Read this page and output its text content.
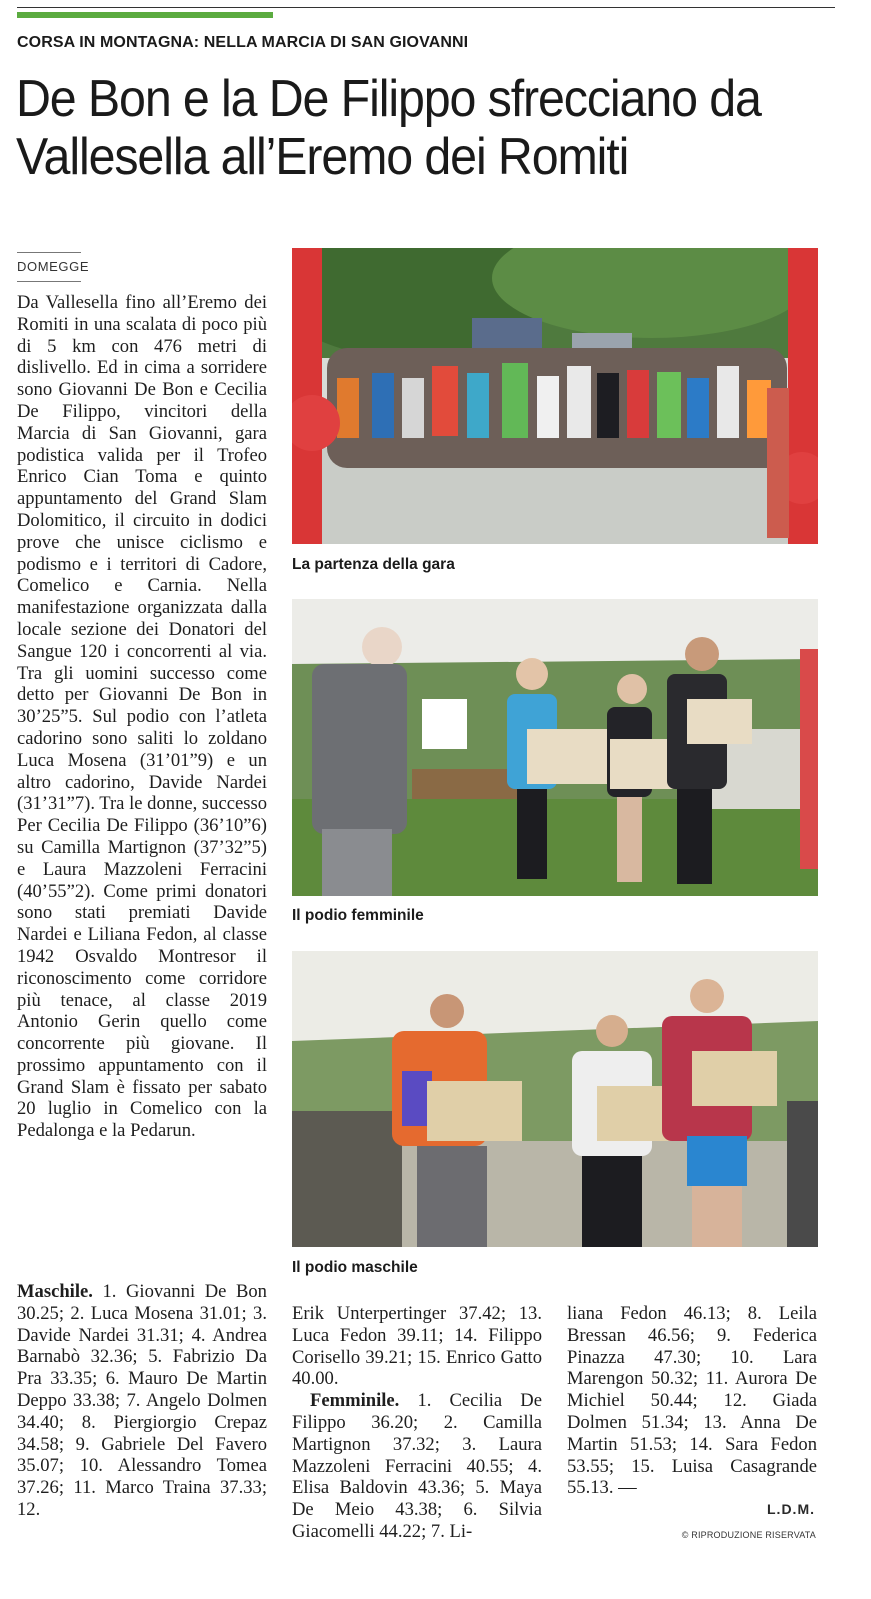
CORSA IN MONTAGNA: NELLA MARCIA DI SAN GIOVANNI
De Bon e la De Filippo sfrecciano da Vallesella all’Eremo dei Romiti
DOMEGGE

Da Vallesella fino all’Eremo dei Romiti in una scalata di poco più di 5 km con 476 metri di dislivello. Ed in cima a sorridere sono Giovanni De Bon e Cecilia De Filippo, vincitori della Marcia di San Giovanni, gara podistica valida per il Trofeo Enrico Cian Toma e quinto appuntamento del Grand Slam Dolomitico, il circuito in dodici prove che unisce ciclismo e podismo e i territori di Cadore, Comelico e Carnia. Nella manifestazione organizzata dalla locale sezione dei Donatori del Sangue 120 i concorrenti al via. Tra gli uomini successo come detto per Giovanni De Bon in 30’25”5. Sul podio con l’atleta cadorino sono saliti lo zoldano Luca Mosena (31’01”9) e un altro cadorino, Davide Nardei (31’31”7). Tra le donne, successo Per Cecilia De Filippo (36’10”6) su Camilla Martignon (37’32”5) e Laura Mazzoleni Ferracini (40’55”2). Come primi donatori sono stati premiati Davide Nardei e Liliana Fedon, al classe 1942 Osvaldo Montresor il riconoscimento come corridore più tenace, al classe 2019 Antonio Gerin quello come concorrente più giovane. Il prossimo appuntamento con il Grand Slam è fissato per sabato 20 luglio in Comelico con la Pedalonga e la Pedarun.

La partenza della gara
Il podio femminile
Il podio maschile

Maschile. 1. Giovanni De Bon 30.25; 2. Luca Mosena 31.01; 3. Davide Nardei 31.31; 4. Andrea Barnabò 32.36; 5. Fabrizio Da Pra 33.35; 6. Mauro De Martin Deppo 33.38; 7. Angelo Dolmen 34.40; 8. Piergiorgio Crepaz 34.58; 9. Gabriele Del Favero 35.07; 10. Alessandro Tomea 37.26; 11. Marco Traina 37.33; 12.

Erik Unterpertinger 37.42; 13. Luca Fedon 39.11; 14. Filippo Corisello 39.21; 15. Enrico Gatto 40.00.
Femminile. 1. Cecilia De Filippo 36.20; 2. Camilla Martignon 37.32; 3. Laura Mazzoleni Ferracini 40.55; 4. Elisa Baldovin 43.36; 5. Maya De Meio 43.38; 6. Silvia Giacomelli 44.22; 7. Li-

liana Fedon 46.13; 8. Leila Bressan 46.56; 9. Federica Pinazza 47.30; 10. Lara Marengon 50.32; 11. Aurora De Michiel 50.44; 12. Giada Dolmen 51.34; 13. Anna De Martin 51.53; 14. Sara Fedon 53.55; 15. Luisa Casagrande 55.13. —

L.D.M.
© RIPRODUZIONE RISERVATA
